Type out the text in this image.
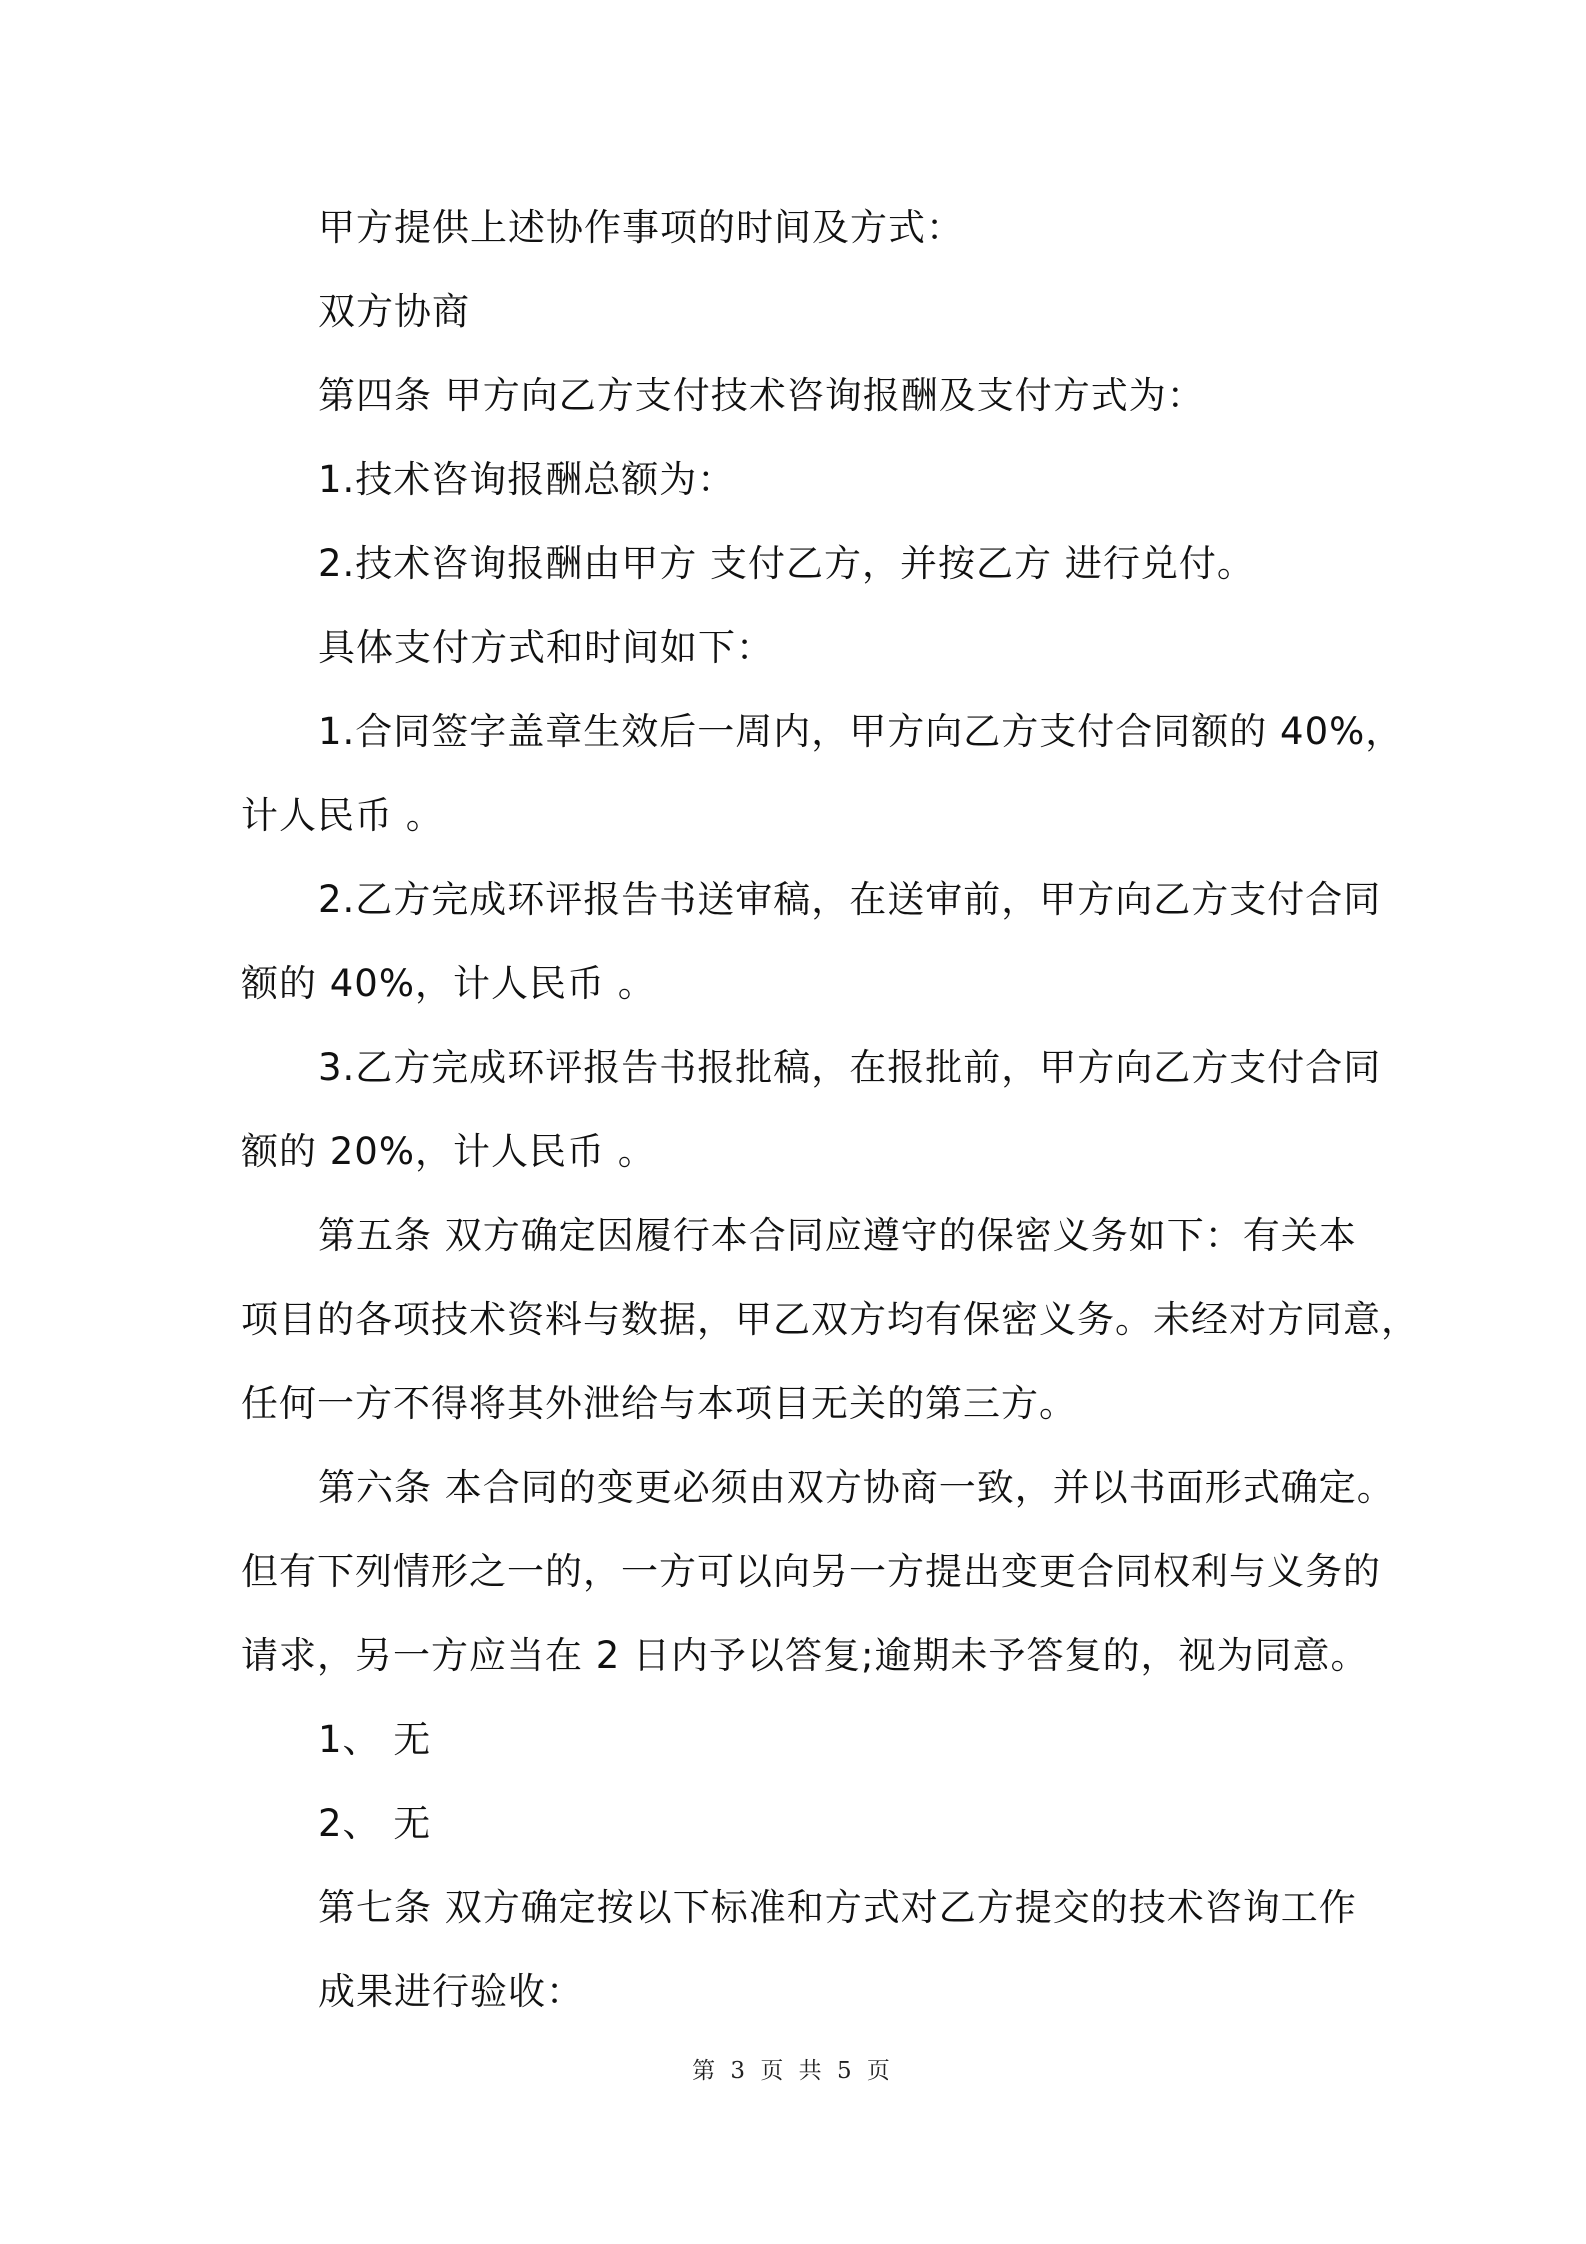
甲方提供上述协作事项的时间及方式：
双方协商
第四条 甲方向乙方支付技术咨询报酬及支付方式为：
1.技术咨询报酬总额为：
2.技术咨询报酬由甲方 支付乙方，并按乙方 进行兑付。
具体支付方式和时间如下：
1.合同签字盖章生效后一周内，甲方向乙方支付合同额的 40%，
计人民币 。
2.乙方完成环评报告书送审稿，在送审前，甲方向乙方支付合同
额的 40%，计人民币 。
3.乙方完成环评报告书报批稿，在报批前，甲方向乙方支付合同
额的 20%，计人民币 。
第五条 双方确定因履行本合同应遵守的保密义务如下：有关本
项目的各项技术资料与数据，甲乙双方均有保密义务。未经对方同意，
任何一方不得将其外泄给与本项目无关的第三方。
第六条 本合同的变更必须由双方协商一致，并以书面形式确定。
但有下列情形之一的，一方可以向另一方提出变更合同权利与义务的
请求，另一方应当在 2 日内予以答复;逾期未予答复的，视为同意。
1、 无
2、 无
第七条 双方确定按以下标准和方式对乙方提交的技术咨询工作
成果进行验收：
第 3 页 共 5 页
